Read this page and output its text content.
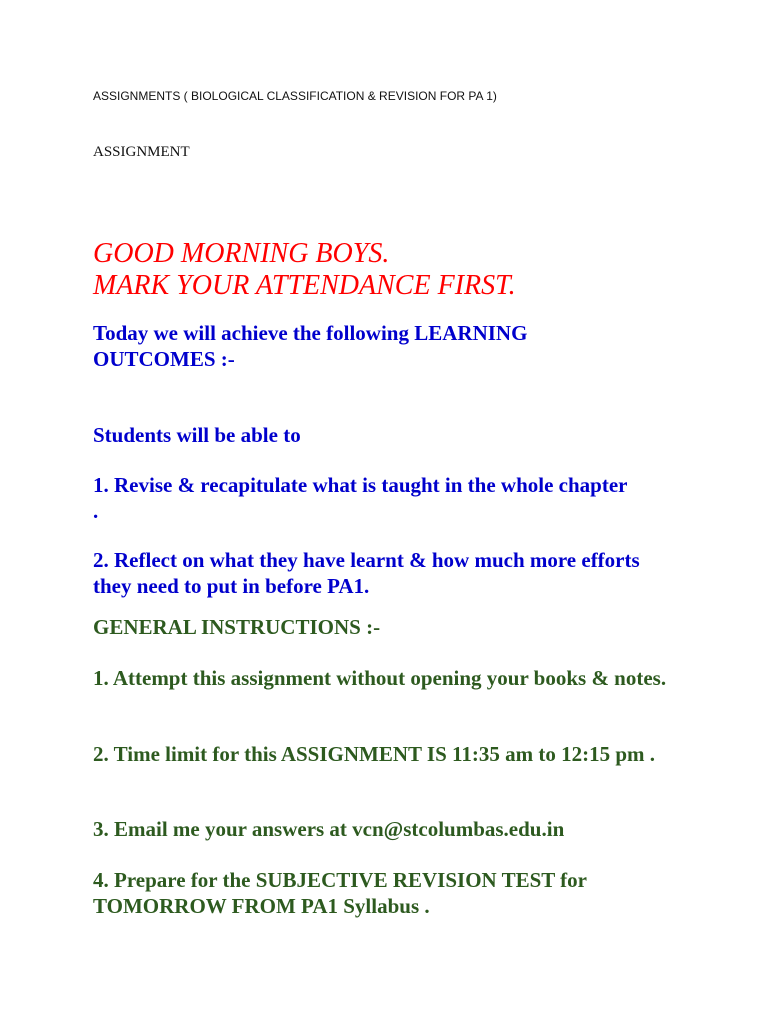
ASSIGNMENTS ( BIOLOGICAL CLASSIFICATION & REVISION FOR PA 1)
ASSIGNMENT
GOOD MORNING BOYS.
MARK YOUR ATTENDANCE FIRST.
Today we will achieve the following LEARNING OUTCOMES :-
Students will be able to
1. Revise & recapitulate what is taught in the whole chapter .
2. Reflect on what they have learnt & how much more efforts they need to put in before PA1.
GENERAL INSTRUCTIONS :-
1. Attempt this assignment without opening your books & notes.
2. Time limit for this ASSIGNMENT IS 11:35 am to 12:15 pm .
3. Email me your answers at vcn@stcolumbas.edu.in
4. Prepare for the SUBJECTIVE REVISION TEST for TOMORROW FROM PA1 Syllabus .
